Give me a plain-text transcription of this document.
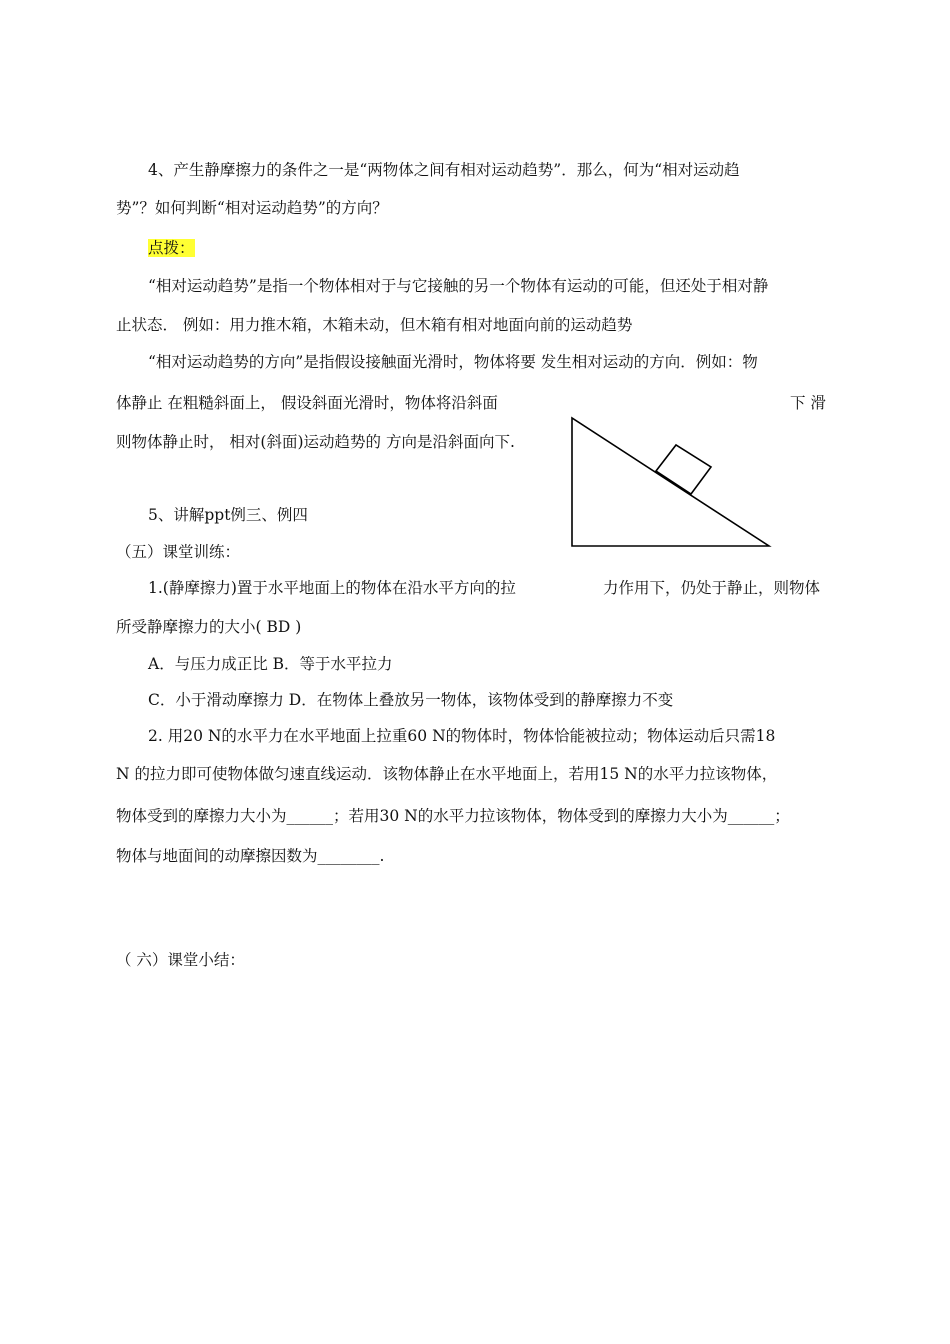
4、产生静摩擦力的条件之一是“两物体之间有相对运动趋势”．那么，何为“相对运动趋
势”？如何判断“相对运动趋势”的方向？
点拨：
“相对运动趋势”是指一个物体相对于与它接触的另一个物体有运动的可能，但还处于相对静
止状态． 例如：用力推木箱，木箱未动，但木箱有相对地面向前的运动趋势
“相对运动趋势的方向”是指假设接触面光滑时，物体将要 发生相对运动的方向．例如：物
体静止 在粗糙斜面上， 假设斜面光滑时，物体将沿斜面	下 滑
则物体静止时， 相对(斜面)运动趋势的 方向是沿斜面向下.
5、讲解ppt例三、例四
（五）课堂训练：
1.(静摩擦力)置于水平地面上的物体在沿水平方向的拉	力作用下，仍处于静止，则物体
所受静摩擦力的大小( BD )
A．与压力成正比 B．等于水平拉力
C．小于滑动摩擦力 D．在物体上叠放另一物体，该物体受到的静摩擦力不变
2. 用20 N的水平力在水平地面上拉重60 N的物体时，物体恰能被拉动；物体运动后只需18
N 的拉力即可使物体做匀速直线运动．该物体静止在水平地面上，若用15 N的水平力拉该物体，
物体受到的摩擦力大小为______；若用30 N的水平力拉该物体，物体受到的摩擦力大小为______；
物体与地面间的动摩擦因数为________.
（ 六）课堂小结：
